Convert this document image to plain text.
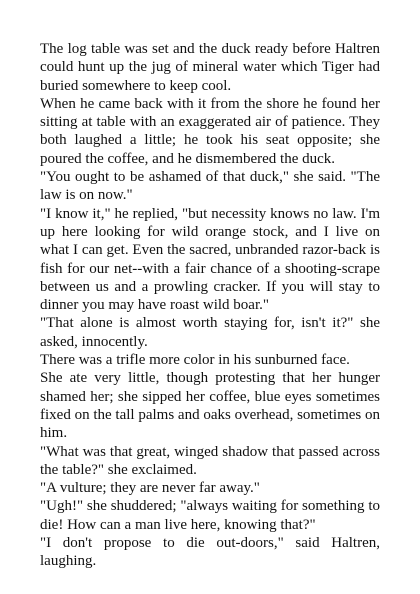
The log table was set and the duck ready before Haltren could hunt up the jug of mineral water which Tiger had buried somewhere to keep cool.

When he came back with it from the shore he found her sitting at table with an exaggerated air of patience. They both laughed a little; he took his seat opposite; she poured the coffee, and he dismembered the duck.

"You ought to be ashamed of that duck," she said. "The law is on now."

"I know it," he replied, "but necessity knows no law. I'm up here looking for wild orange stock, and I live on what I can get. Even the sacred, unbranded razor-back is fish for our net--with a fair chance of a shooting-scrape between us and a prowling cracker. If you will stay to dinner you may have roast wild boar."

"That alone is almost worth staying for, isn't it?" she asked, innocently.

There was a trifle more color in his sunburned face.

She ate very little, though protesting that her hunger shamed her; she sipped her coffee, blue eyes sometimes fixed on the tall palms and oaks overhead, sometimes on him.

"What was that great, winged shadow that passed across the table?" she exclaimed.

"A vulture; they are never far away."

"Ugh!" she shuddered; "always waiting for something to die! How can a man live here, knowing that?"

"I don't propose to die out-doors," said Haltren, laughing.
